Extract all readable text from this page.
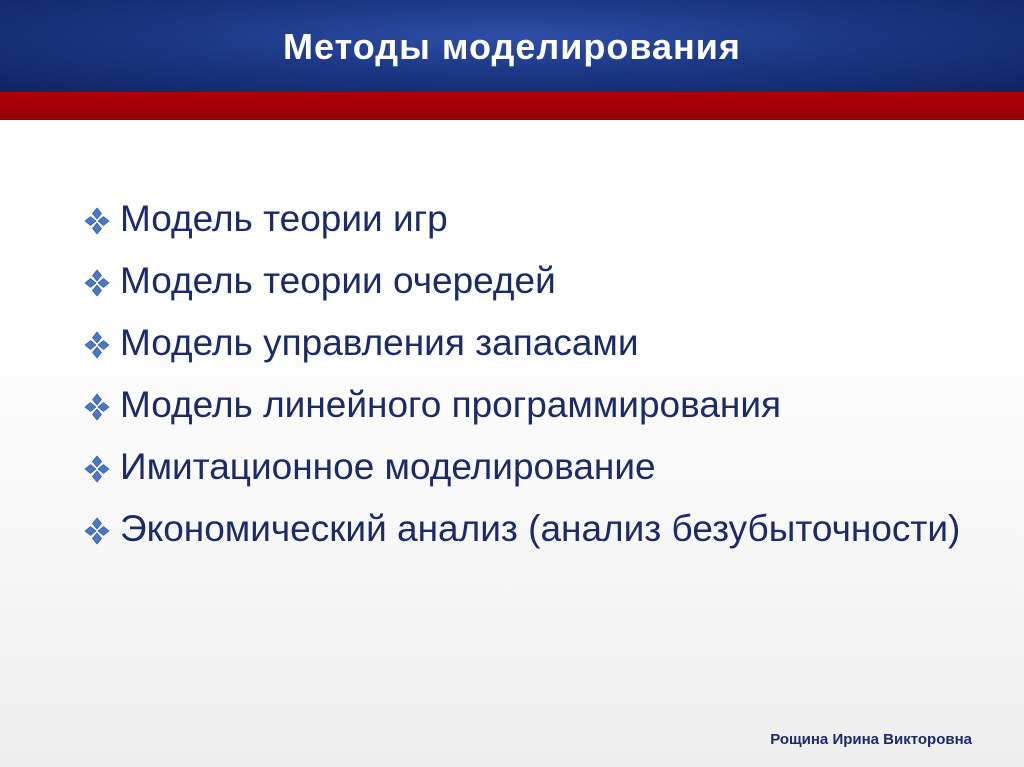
Методы моделирования
Модель теории игр
Модель теории очередей
Модель управления запасами
Модель линейного программирования
Имитационное моделирование
Экономический анализ (анализ безубыточности)
Рощина Ирина Викторовна
